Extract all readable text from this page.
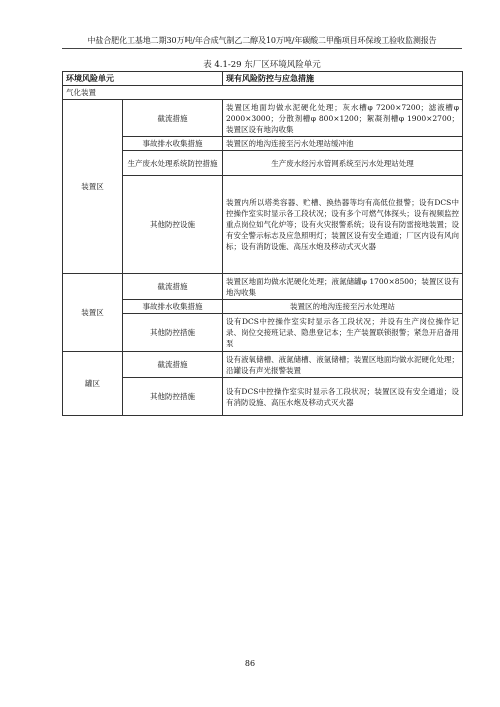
中盐合肥化工基地二期30万吨/年合成气制乙二醇及10万吨/年碳酸二甲酯项目环保竣工验收监测报告
表 4.1-29 东厂区环境风险单元
环境风险单元		现有风险防控与应急措施
气化装置		
装置区	截流措施	装置区地面均做水泥硬化处理；灰水槽φ 7200×7200；滤液槽φ 2000×3000；分散剂槽φ 800×1200；絮凝剂槽φ 1900×2700；装置区设有地沟收集
	事故排水收集措施	装置区的地沟连接至污水处理站缓冲池
	生产废水处理系统防控措施	生产废水经污水管网系统至污水处理站处理
	其他防控设施	装置内所以塔类容器、贮槽、换热器等均有高低位报警；设有DCS中控操作室实时显示各工段状况；设有多个可燃气体探头；设有视频监控重点岗位如气化炉等；设有火灾报警系统；设有设有防雷接地装置；设有安全警示标志及应急照明灯；装置区设有安全通道；厂区内设有风向标；设有消防设施、高压水炮及移动式灭火器
装置区	截流措施	装置区地面均做水泥硬化处理；液氮储罐φ 1700×8500；装置区设有地沟收集
	事故排水收集措施	装置区的地沟连接至污水处理站
	其他防控措施	设有DCS中控操作室实时显示各工段状况；并设有生产岗位操作记录、岗位交接班记录、隐患登记本；生产装置联锁报警；紧急开启备用泵
罐区	截流措施	设有液氧储槽、液氮储槽、液氩储槽；装置区地面均做水泥硬化处理；沿罐设有声光报警装置
	其他防控措施	设有DCS中控操作室实时显示各工段状况；装置区设有安全通道；设有消防设施、高压水炮及移动式灭火器
86
